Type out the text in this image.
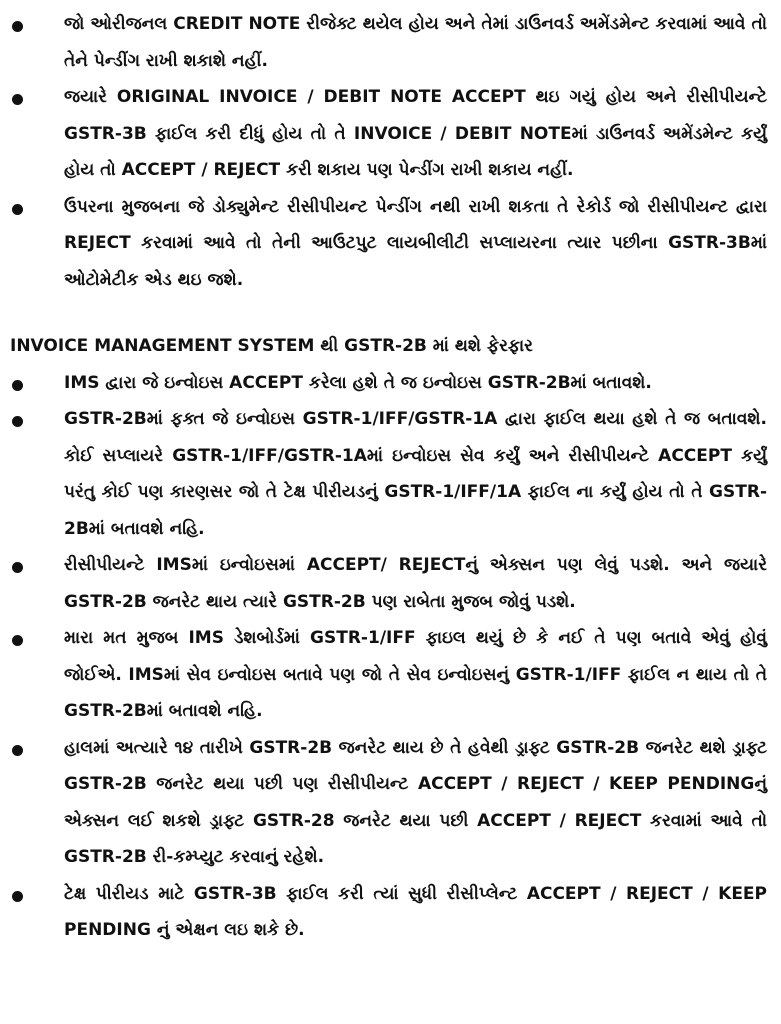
જો ઓરીજનલ CREDIT NOTE રીજેક્ટ થયેલ હોય અને તેમાં ડાઉનવર્ડ અમેંડમેન્ટ કરવામાં આવે તો તેને પેન્ડીંગ રાખી શકાશે નહીં.
જયારે ORIGINAL INVOICE / DEBIT NOTE ACCEPT થઇ ગયું હોય અને રીસીપીયન્ટે GSTR-3B ફાઈલ કરી દીધું હોય તો તે INVOICE / DEBIT NOTEમાં ડાઉનવર્ડ અમેંડમેન્ટ કર્યું હોય તો ACCEPT / REJECT કરી શકાય પણ પેન્ડીંગ રાખી શકાય નહીં.
ઉપરના મુજબના જે ડોક્યુમેન્ટ રીસીપીયન્ટ પેન્ડીંગ નથી રાખી શકતા તે રેકોર્ડ જો રીસીપીયન્ટ દ્વારા REJECT કરવામાં આવે તો તેની આઉટપુટ લાયબીલીટી સપ્લાયરના ત્યાર પછીના GSTR-3Bમાં ઓટોમેટીક એડ થઇ જશે.
INVOICE MANAGEMENT SYSTEM થી GSTR-2B માં થશે ફેરફાર
IMS દ્વારા જે ઇન્વોઇસ ACCEPT કરેલા હશે તે જ ઇન્વોઇસ GSTR-2Bમાં બતાવશે.
GSTR-2Bમાં ફક્ત જે ઇન્વોઇસ GSTR-1/IFF/GSTR-1A દ્વારા ફાઈલ થયા હશે તે જ બતાવશે. કોઈ સપ્લાયરે GSTR-1/IFF/GSTR-1Aમાં ઇન્વોઇસ સેવ કર્યું અને રીસીપીયન્ટે ACCEPT કર્યું પરંતુ કોઈ પણ કારણસર જો તે ટેક્ષ પીરીયડનું GSTR-1/IFF/1A ફાઈલ ના કર્યું હોય તો તે GSTR-2Bમાં બતાવશે નહિ.
રીસીપીયન્ટે IMSમાં ઇન્વોઇસમાં ACCEPT/ REJECTનું એક્સન પણ લેવું પડશે. અને જયારે GSTR-2B જનરેટ થાય ત્યારે GSTR-2B પણ રાબેતા મુજબ જોવું પડશે.
મારા મત મુજબ IMS ડેશબોર્ડમાં GSTR-1/IFF ફાઇલ થયું છે કે નઈ તે પણ બતાવે એવું હોવું જોઈએ. IMSમાં સેવ ઇન્વોઇસ બતાવે પણ જો તે સેવ ઇન્વોઇસનું GSTR-1/IFF ફાઈલ ન થાય તો તે GSTR-2Bમાં બતાવશે નહિ.
હાલમાં અત્યારે ૧૪ તારીખે GSTR-2B જનરેટ થાય છે તે હવેથી ડ્રાફ્ટ GSTR-2B જનરેટ થશે ડ્રાફ્ટ GSTR-2B જનરેટ થયા પછી પણ રીસીપીયન્ટ ACCEPT / REJECT / KEEP PENDINGનું એક્સન લઈ શકશે ડ્રાફ્ટ GSTR-28 જનરેટ થયા પછી ACCEPT / REJECT કરવામાં આવે તો GSTR-2B રી-કમ્પ્યુટ કરવાનું રહેશે.
ટેક્ષ પીરીયડ માટે GSTR-3B ફાઈલ કરી ત્યાં સુધી રીસીપ્લેન્ટ ACCEPT / REJECT / KEEP PENDING નું એક્ષન લઇ શકે છે.
